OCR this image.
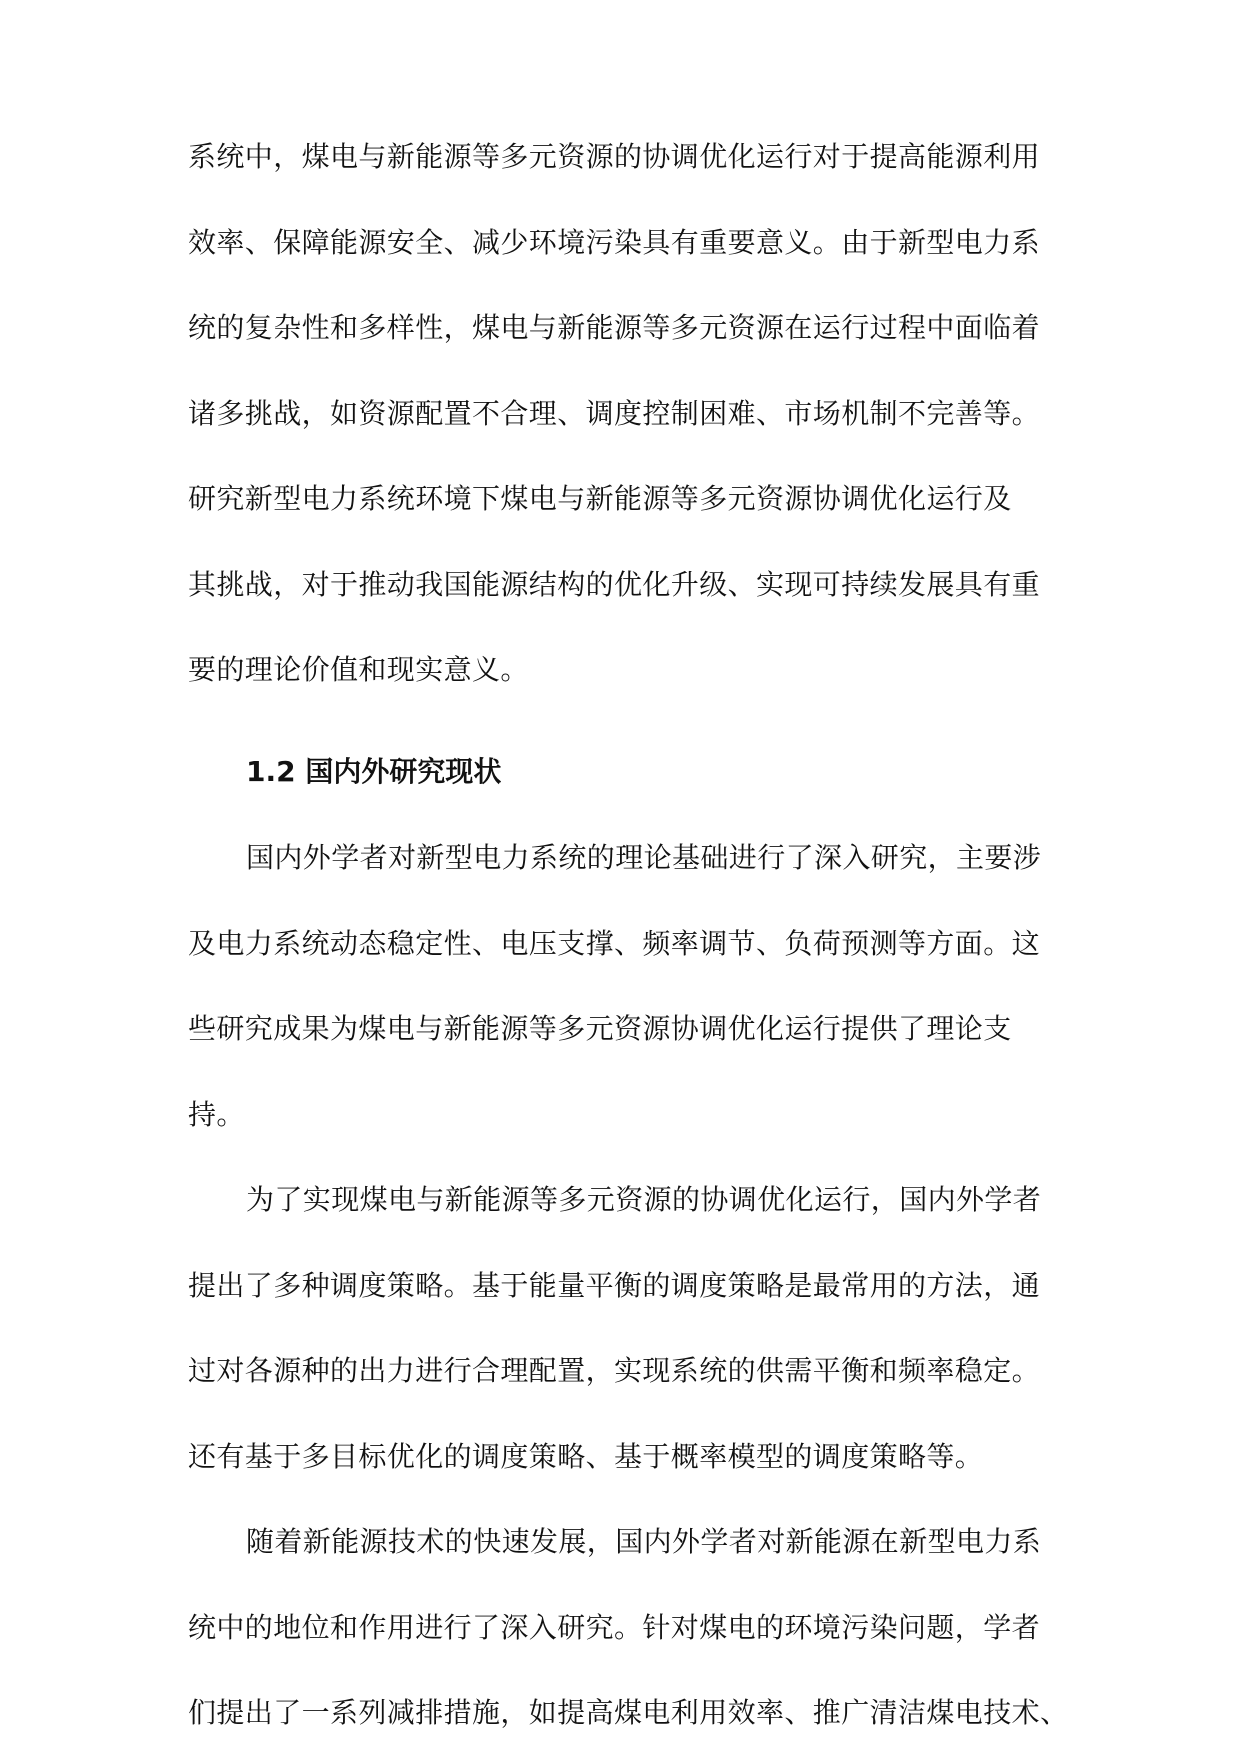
系统中，煤电与新能源等多元资源的协调优化运行对于提高能源利用
效率、保障能源安全、减少环境污染具有重要意义。由于新型电力系
统的复杂性和多样性，煤电与新能源等多元资源在运行过程中面临着
诸多挑战，如资源配置不合理、调度控制困难、市场机制不完善等。
研究新型电力系统环境下煤电与新能源等多元资源协调优化运行及
其挑战，对于推动我国能源结构的优化升级、实现可持续发展具有重
要的理论价值和现实意义。
1.2 国内外研究现状
国内外学者对新型电力系统的理论基础进行了深入研究，主要涉
及电力系统动态稳定性、电压支撑、频率调节、负荷预测等方面。这
些研究成果为煤电与新能源等多元资源协调优化运行提供了理论支
持。
为了实现煤电与新能源等多元资源的协调优化运行，国内外学者
提出了多种调度策略。基于能量平衡的调度策略是最常用的方法，通
过对各源种的出力进行合理配置，实现系统的供需平衡和频率稳定。
还有基于多目标优化的调度策略、基于概率模型的调度策略等。
随着新能源技术的快速发展，国内外学者对新能源在新型电力系
统中的地位和作用进行了深入研究。针对煤电的环境污染问题，学者
们提出了一系列减排措施，如提高煤电利用效率、推广清洁煤电技术、
